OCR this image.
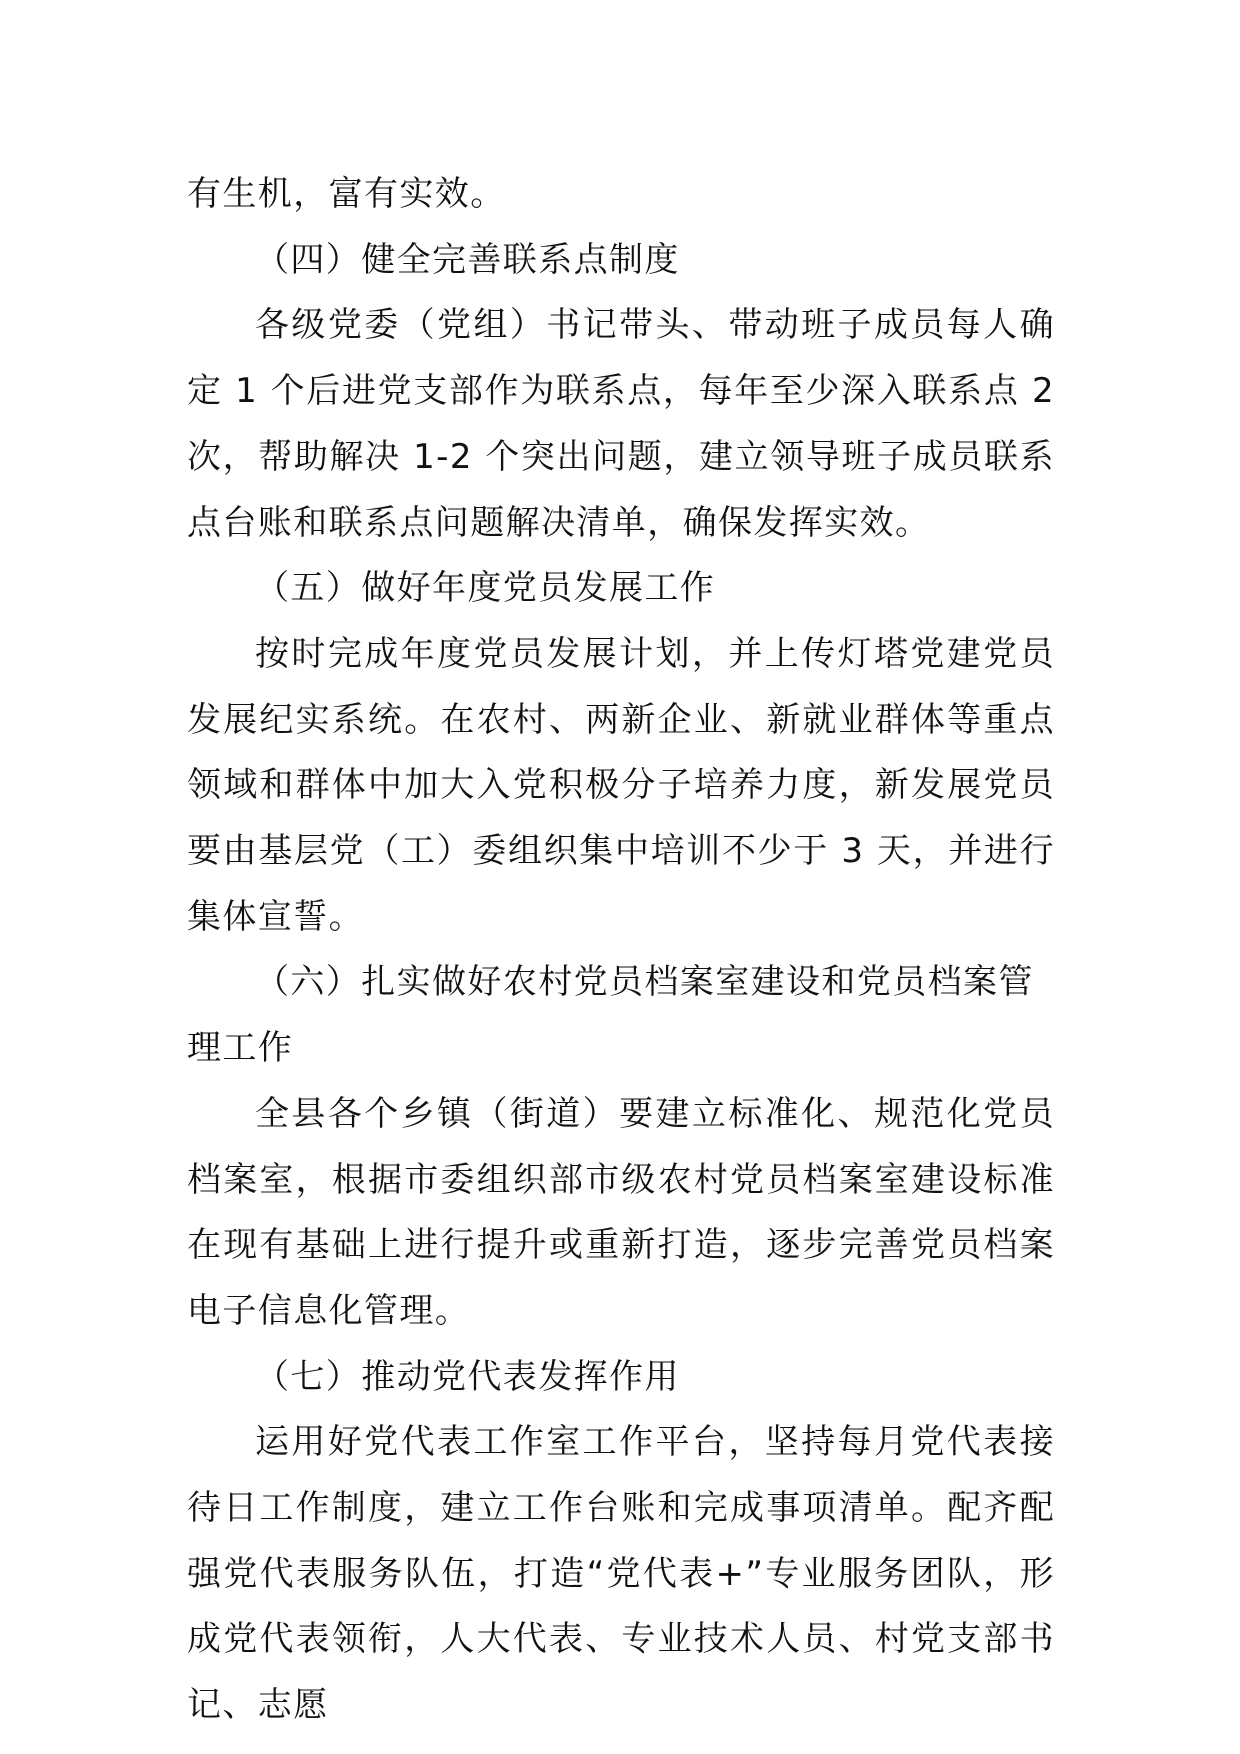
有生机，富有实效。

（四）健全完善联系点制度

各级党委（党组）书记带头、带动班子成员每人确定 1 个后进党支部作为联系点，每年至少深入联系点 2 次，帮助解决 1-2 个突出问题，建立领导班子成员联系点台账和联系点问题解决清单，确保发挥实效。

（五）做好年度党员发展工作

按时完成年度党员发展计划，并上传灯塔党建党员发展纪实系统。在农村、两新企业、新就业群体等重点领域和群体中加大入党积极分子培养力度，新发展党员要由基层党（工）委组织集中培训不少于 3 天，并进行集体宣誓。

（六）扎实做好农村党员档案室建设和党员档案管理工作

全县各个乡镇（街道）要建立标准化、规范化党员档案室，根据市委组织部市级农村党员档案室建设标准在现有基础上进行提升或重新打造，逐步完善党员档案电子信息化管理。

（七）推动党代表发挥作用

运用好党代表工作室工作平台，坚持每月党代表接待日工作制度，建立工作台账和完成事项清单。配齐配强党代表服务队伍，打造“党代表+”专业服务团队，形成党代表领衔，人大代表、专业技术人员、村党支部书记、志愿
